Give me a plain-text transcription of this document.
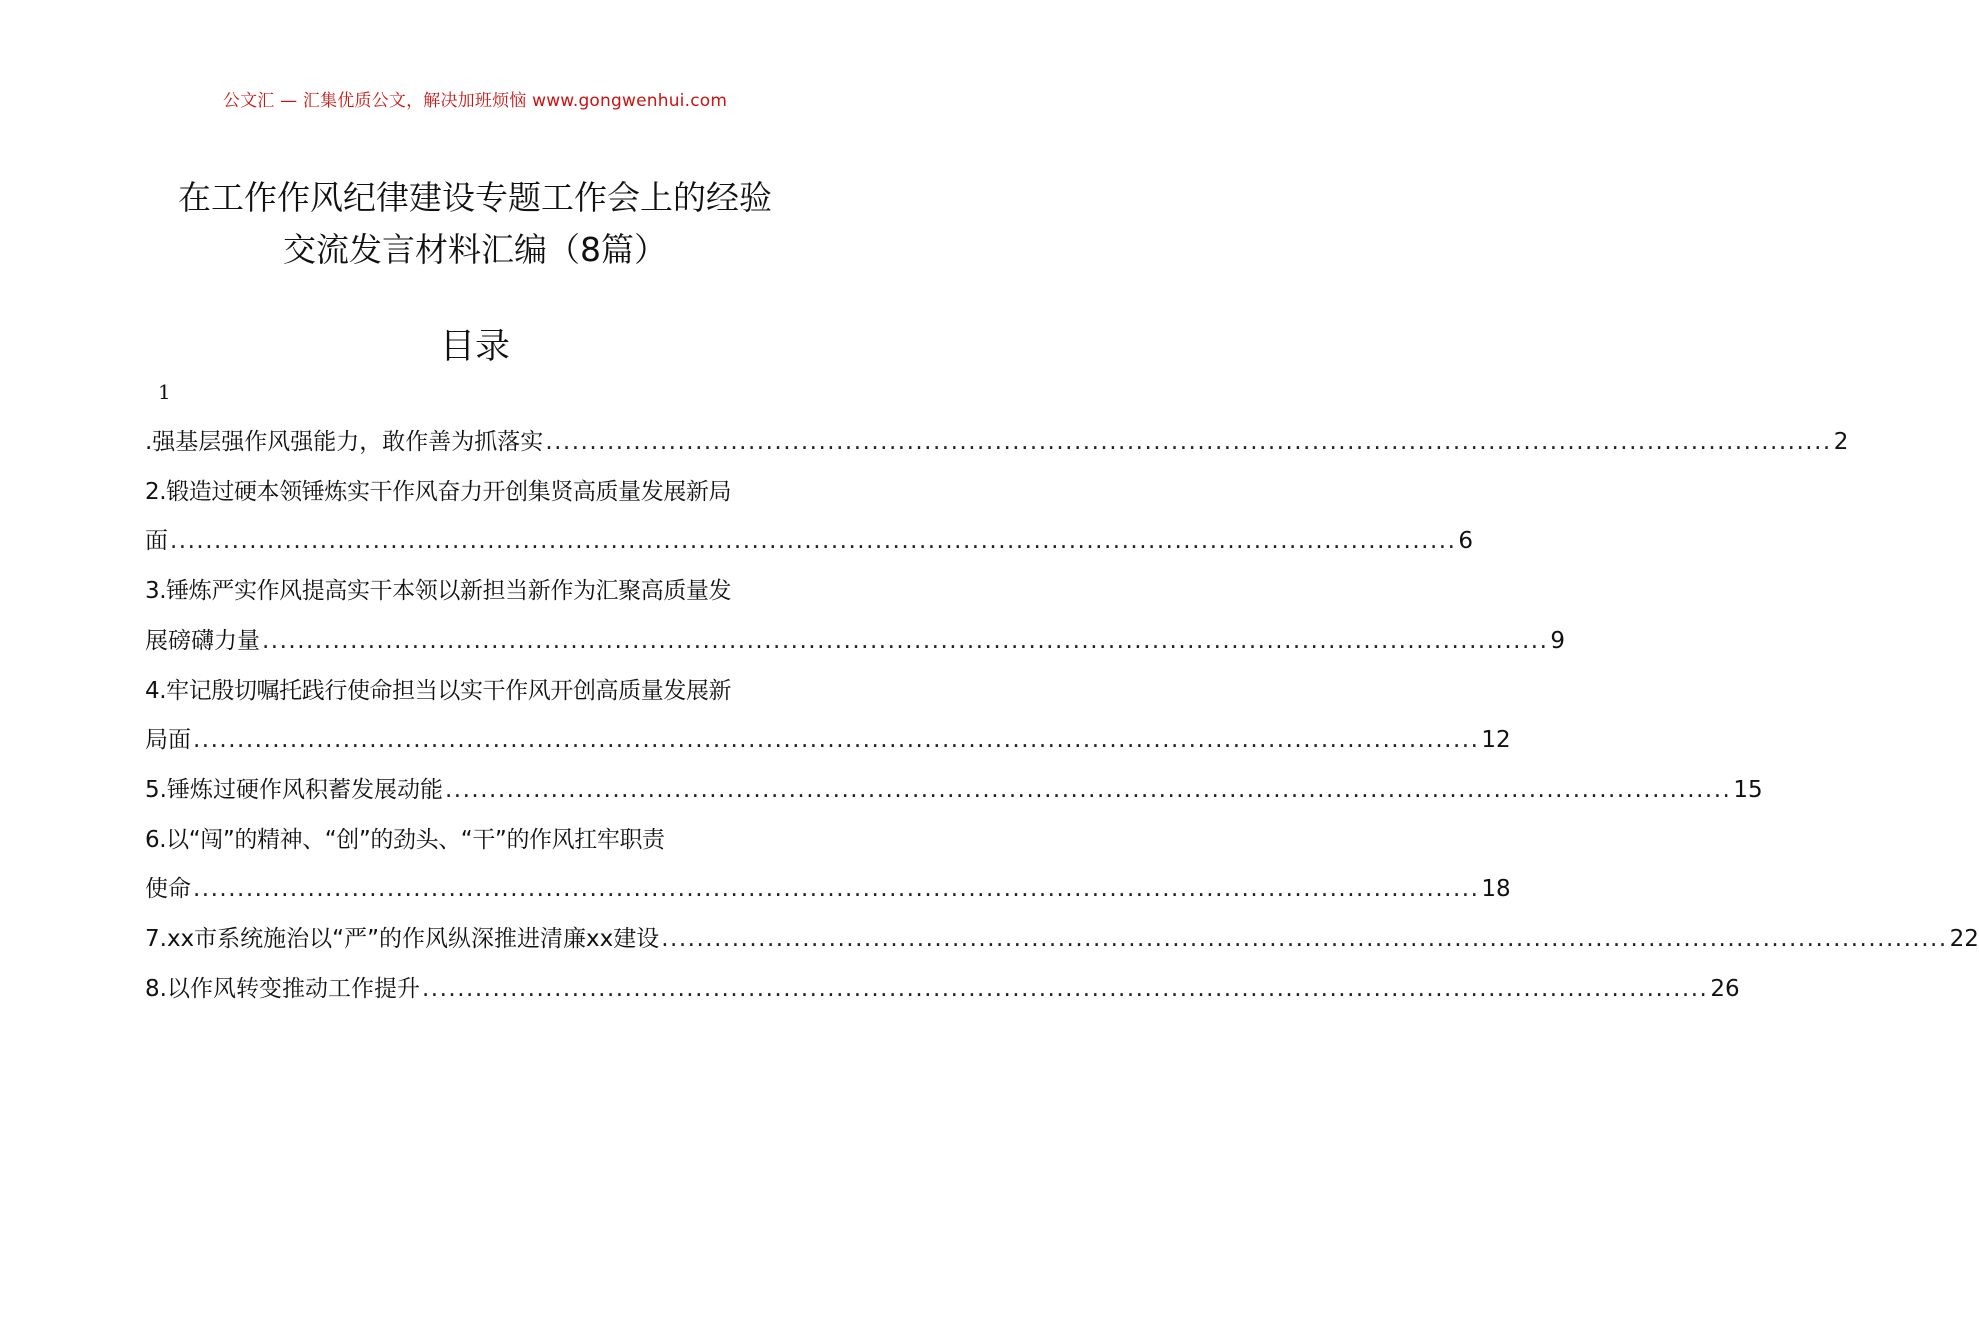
公文汇 — 汇集优质公文，解决加班烦恼 www.gongwenhui.com
在工作作风纪律建设专题工作会上的经验
交流发言材料汇编（8篇）
目录
1
.强基层强作风强能力，敢作善为抓落实 .................................................................................................................................................. 2
2.锻造过硬本领锤炼实干作风奋力开创集贤高质量发展新局
面 .................................................................................................................................................. 6
3.锤炼严实作风提高实干本领以新担当新作为汇聚高质量发
展磅礴力量 .................................................................................................................................................. 9
4.牢记殷切嘱托践行使命担当以实干作风开创高质量发展新
局面 .................................................................................................................................................. 12
5.锤炼过硬作风积蓄发展动能 .................................................................................................................................................. 15
6.以“闯”的精神、“创”的劲头、“干”的作风扛牢职责
使命 .................................................................................................................................................. 18
7.xx市系统施治以“严”的作风纵深推进清廉xx建设 .................................................................................................................................................. 22
8.以作风转变推动工作提升 .................................................................................................................................................. 26
